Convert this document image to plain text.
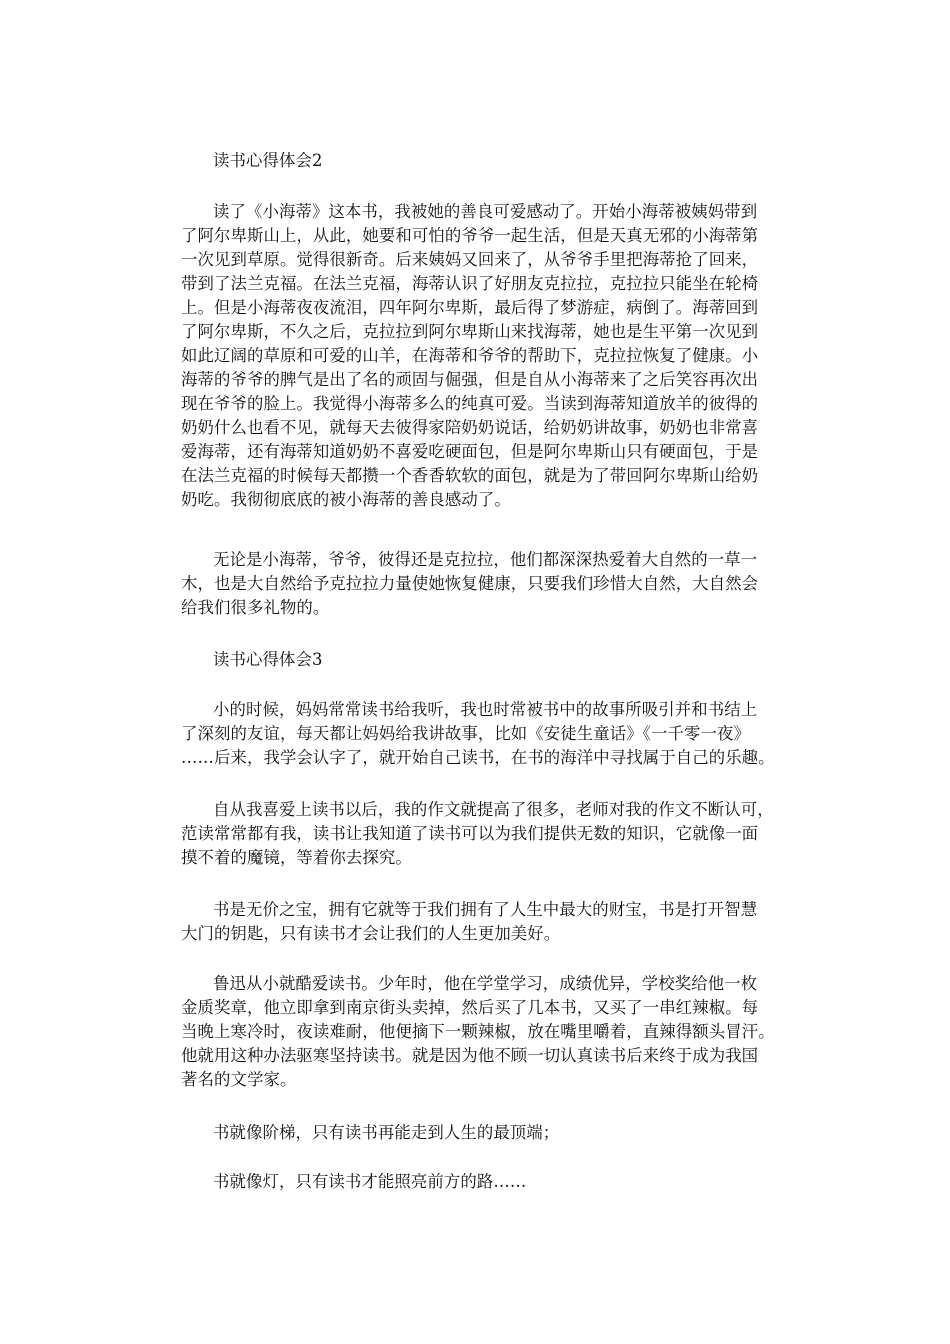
读书心得体会2
读了《小海蒂》这本书，我被她的善良可爱感动了。开始小海蒂被姨妈带到
了阿尔卑斯山上，从此，她要和可怕的爷爷一起生活，但是天真无邪的小海蒂第
一次见到草原。觉得很新奇。后来姨妈又回来了，从爷爷手里把海蒂抢了回来，
带到了法兰克福。在法兰克福，海蒂认识了好朋友克拉拉，克拉拉只能坐在轮椅
上。但是小海蒂夜夜流泪，四年阿尔卑斯，最后得了梦游症，病倒了。海蒂回到
了阿尔卑斯，不久之后，克拉拉到阿尔卑斯山来找海蒂，她也是生平第一次见到
如此辽阔的草原和可爱的山羊，在海蒂和爷爷的帮助下，克拉拉恢复了健康。小
海蒂的爷爷的脾气是出了名的顽固与倔强，但是自从小海蒂来了之后笑容再次出
现在爷爷的脸上。我觉得小海蒂多么的纯真可爱。当读到海蒂知道放羊的彼得的
奶奶什么也看不见，就每天去彼得家陪奶奶说话，给奶奶讲故事，奶奶也非常喜
爱海蒂，还有海蒂知道奶奶不喜爱吃硬面包，但是阿尔卑斯山只有硬面包，于是
在法兰克福的时候每天都攒一个香香软软的面包，就是为了带回阿尔卑斯山给奶
奶吃。我彻彻底底的被小海蒂的善良感动了。
无论是小海蒂，爷爷，彼得还是克拉拉，他们都深深热爱着大自然的一草一
木，也是大自然给予克拉拉力量使她恢复健康，只要我们珍惜大自然，大自然会
给我们很多礼物的。
读书心得体会3
小的时候，妈妈常常读书给我听，我也时常被书中的故事所吸引并和书结上
了深刻的友谊，每天都让妈妈给我讲故事，比如《安徒生童话》《一千零一夜》
……后来，我学会认字了，就开始自己读书，在书的海洋中寻找属于自己的乐趣。
自从我喜爱上读书以后，我的作文就提高了很多，老师对我的作文不断认可，
范读常常都有我，读书让我知道了读书可以为我们提供无数的知识，它就像一面
摸不着的魔镜，等着你去探究。
书是无价之宝，拥有它就等于我们拥有了人生中最大的财宝，书是打开智慧
大门的钥匙，只有读书才会让我们的人生更加美好。
鲁迅从小就酷爱读书。少年时，他在学堂学习，成绩优异，学校奖给他一枚
金质奖章，他立即拿到南京街头卖掉，然后买了几本书，又买了一串红辣椒。每
当晚上寒冷时，夜读难耐，他便摘下一颗辣椒，放在嘴里嚼着，直辣得额头冒汗。
他就用这种办法驱寒坚持读书。就是因为他不顾一切认真读书后来终于成为我国
著名的文学家。
书就像阶梯，只有读书再能走到人生的最顶端；
书就像灯，只有读书才能照亮前方的路……
